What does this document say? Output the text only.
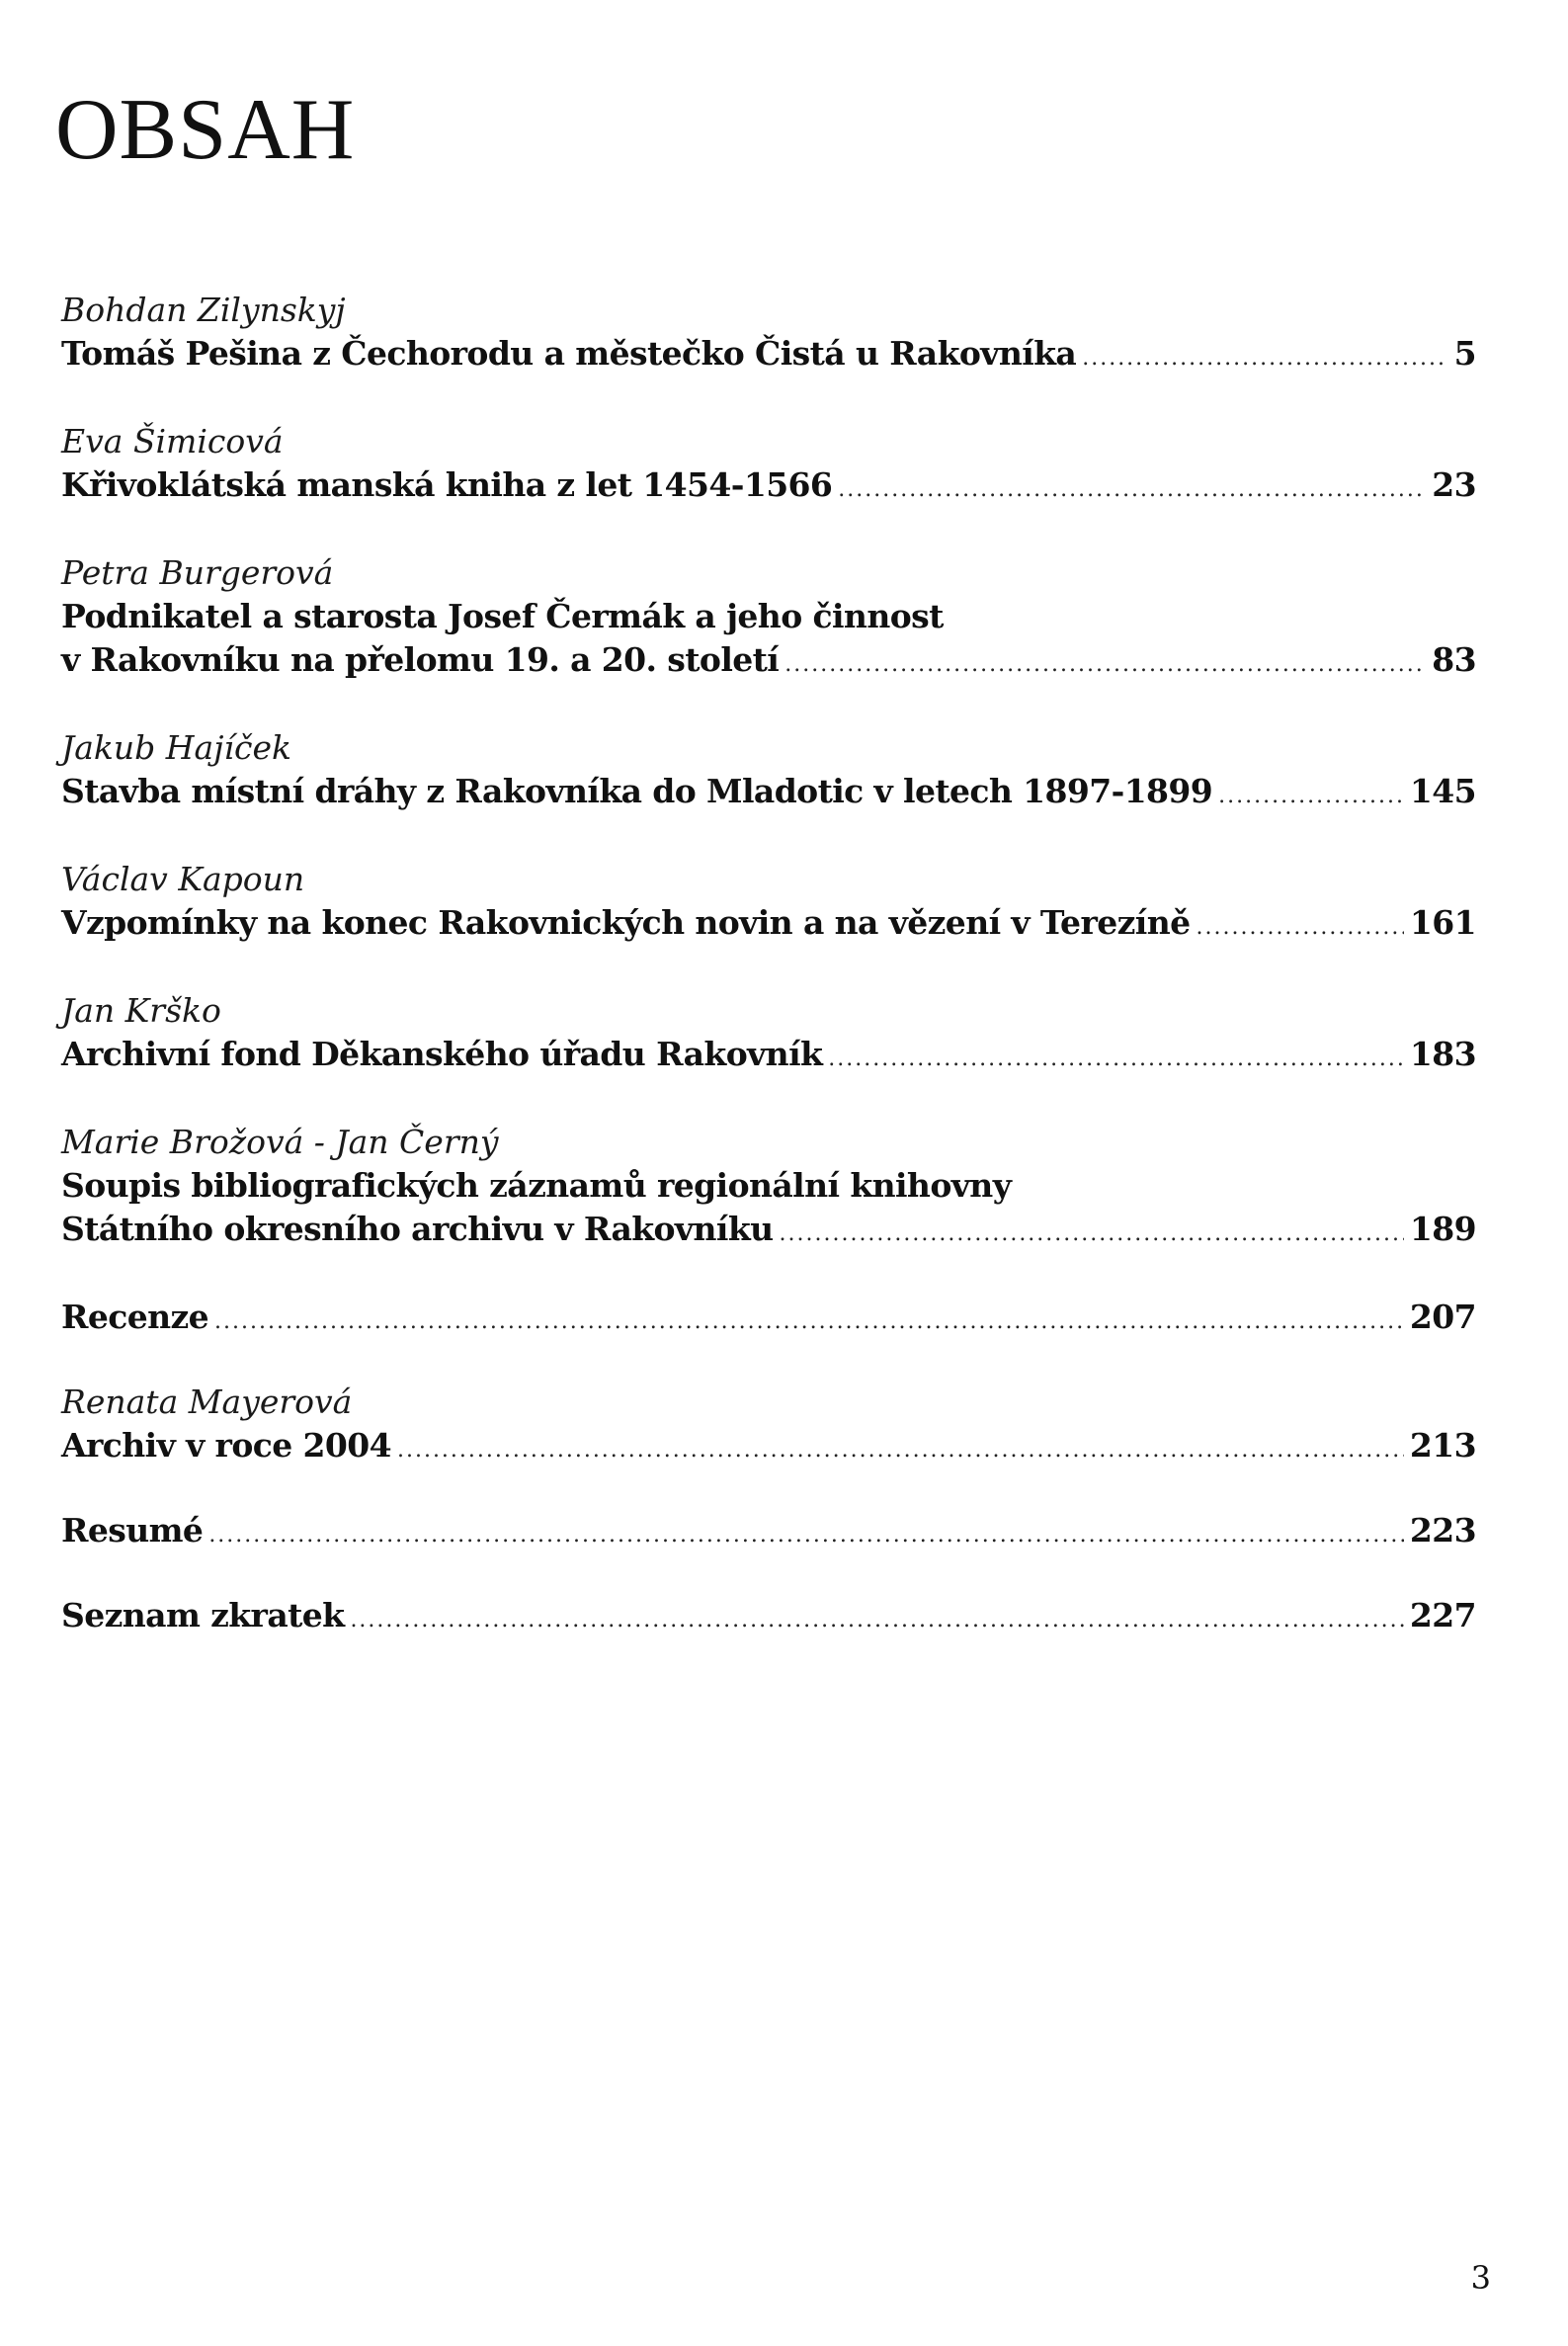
OBSAH
Bohdan Zilynskyj
Tomáš Pešina z Čechorodu a městečko Čistá u Rakovníka .....	5
Eva Šimicová
Křivoklátská manská kniha z let 1454-1566 .....	23
Petra Burgerová
Podnikatel a starosta Josef Čermák a jeho činnost
v Rakovníku na přelomu 19. a 20. století .....	83
Jakub Hajíček
Stavba místní dráhy z Rakovníka do Mladotic v letech 1897-1899 .....	145
Václav Kapoun
Vzpomínky na konec Rakovnických novin a na vězení v Terezíně .....	161
Jan Krško
Archivní fond Děkanského úřadu Rakovník .....	183
Marie Brožová - Jan Černý
Soupis bibliografických záznamů regionální knihovny
Státního okresního archivu v Rakovníku .....	189
Recenze .....	207
Renata Mayerová
Archiv v roce 2004 .....	213
Resumé .....	223
Seznam zkratek .....	227
3
